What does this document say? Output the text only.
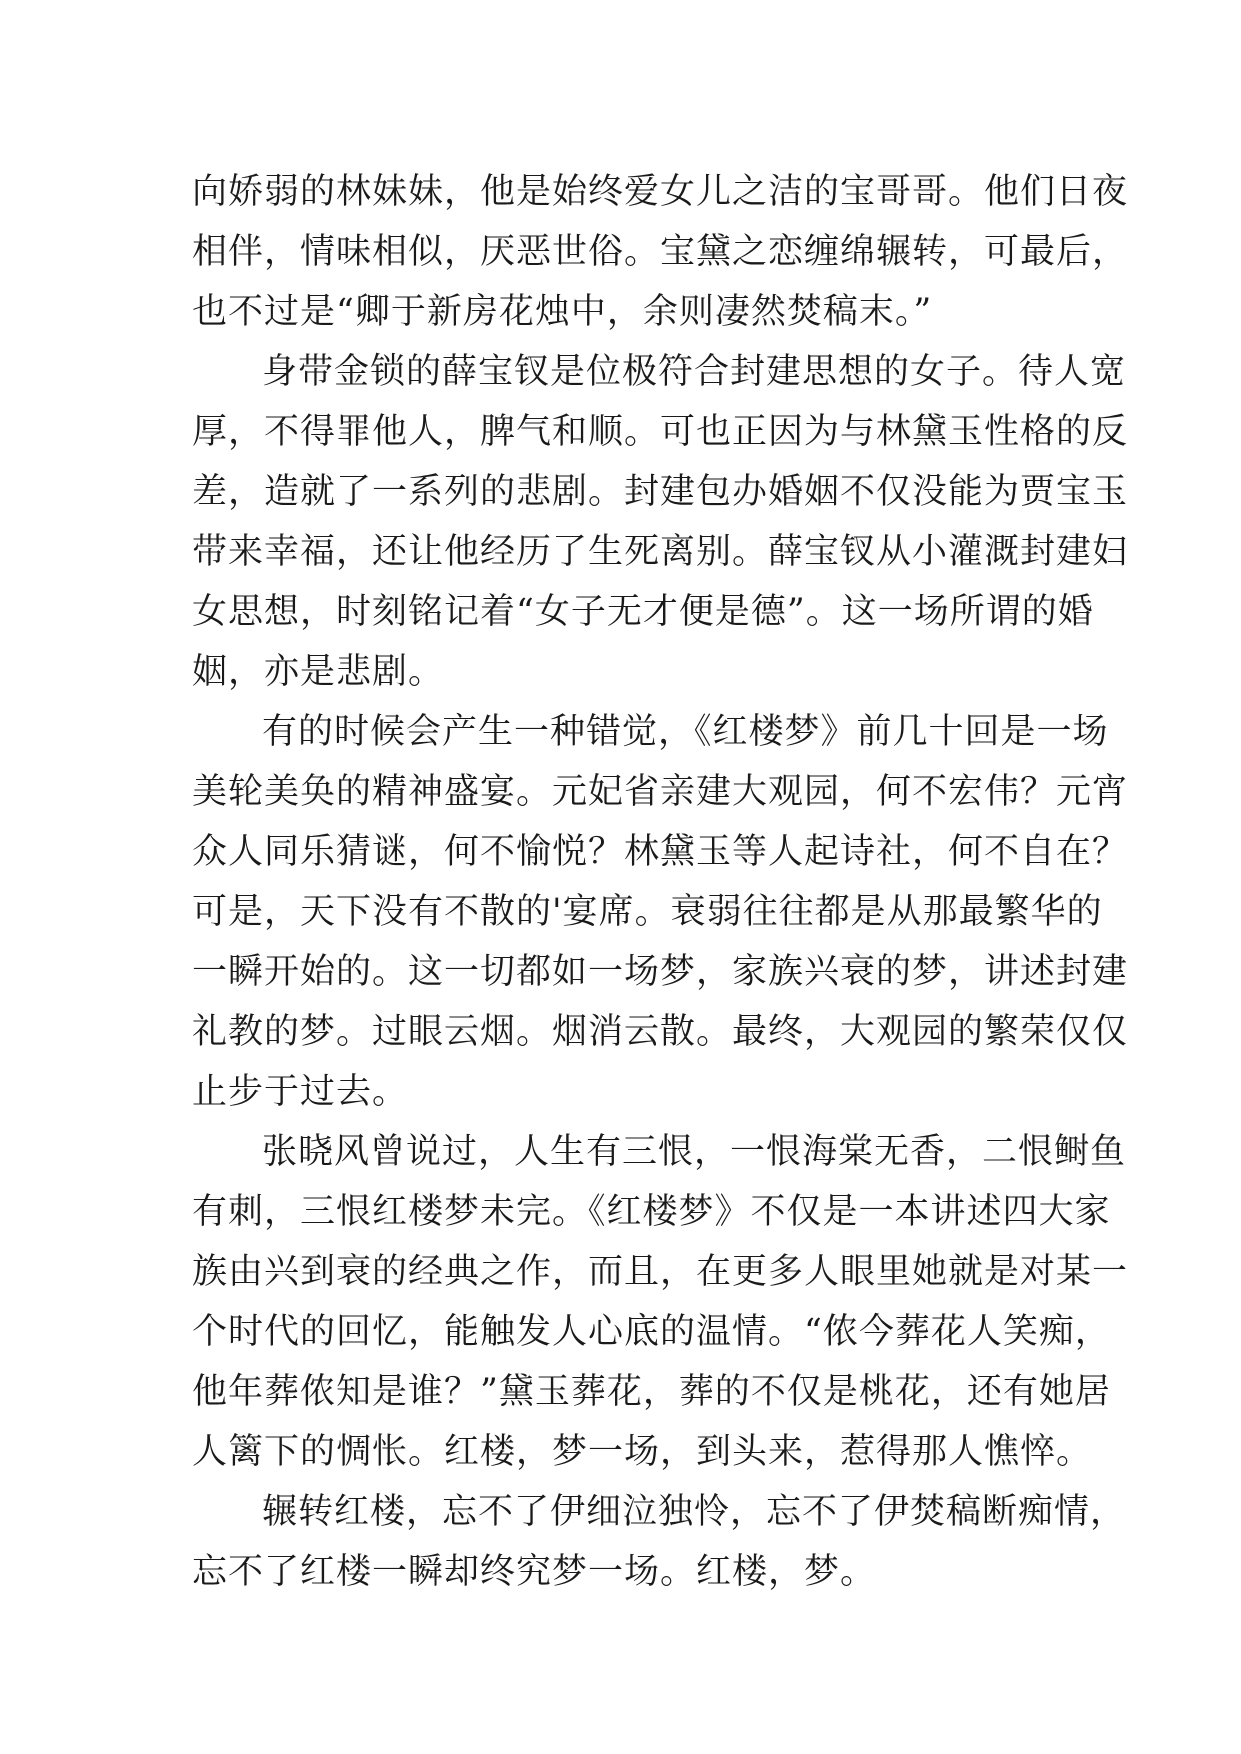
向娇弱的林妹妹，他是始终爱女儿之洁的宝哥哥。他们日夜
相伴，情味相似，厌恶世俗。宝黛之恋缠绵辗转，可最后，
也不过是“卿于新房花烛中，余则凄然焚稿末。”
身带金锁的薛宝钗是位极符合封建思想的女子。待人宽
厚，不得罪他人，脾气和顺。可也正因为与林黛玉性格的反
差，造就了一系列的悲剧。封建包办婚姻不仅没能为贾宝玉
带来幸福，还让他经历了生死离别。薛宝钗从小灌溉封建妇
女思想，时刻铭记着“女子无才便是德”。这一场所谓的婚
姻，亦是悲剧。
有的时候会产生一种错觉，《红楼梦》前几十回是一场
美轮美奂的精神盛宴。元妃省亲建大观园，何不宏伟？元宵
众人同乐猜谜，何不愉悦？林黛玉等人起诗社，何不自在？
可是，天下没有不散的'宴席。衰弱往往都是从那最繁华的
一瞬开始的。这一切都如一场梦，家族兴衰的梦，讲述封建
礼教的梦。过眼云烟。烟消云散。最终，大观园的繁荣仅仅
止步于过去。
张晓风曾说过，人生有三恨，一恨海棠无香，二恨鲥鱼
有刺，三恨红楼梦未完。《红楼梦》不仅是一本讲述四大家
族由兴到衰的经典之作，而且，在更多人眼里她就是对某一
个时代的回忆，能触发人心底的温情。“侬今葬花人笑痴，
他年葬侬知是谁？”黛玉葬花，葬的不仅是桃花，还有她居
人篱下的惆怅。红楼，梦一场，到头来，惹得那人憔悴。
辗转红楼，忘不了伊细泣独怜，忘不了伊焚稿断痴情，
忘不了红楼一瞬却终究梦一场。红楼，梦。
